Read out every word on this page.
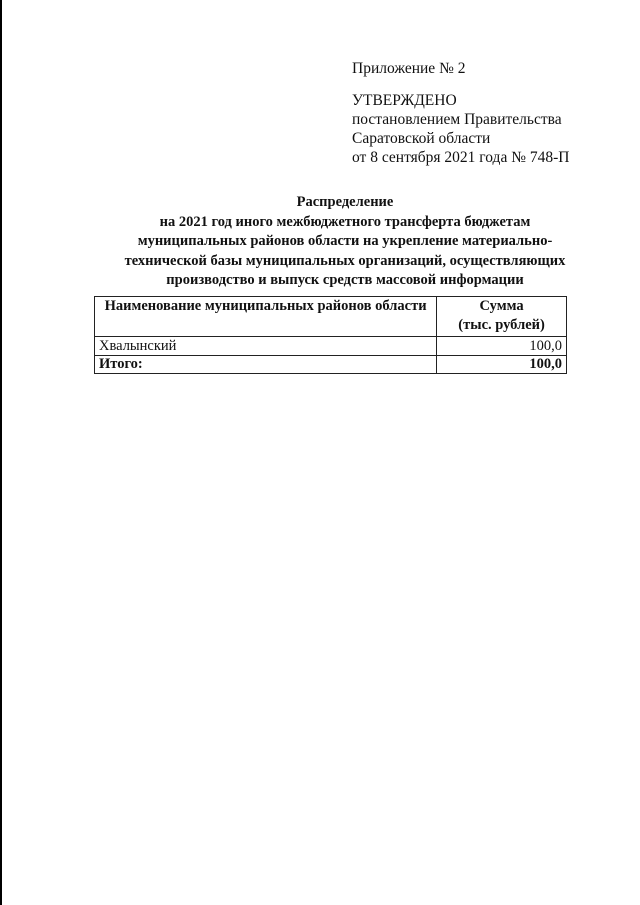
Приложение № 2
УТВЕРЖДЕНО
постановлением Правительства
Саратовской области
от 8 сентября 2021 года № 748-П
Распределение
на 2021 год иного межбюджетного трансферта бюджетам
муниципальных районов области на укрепление материально-
технической базы муниципальных организаций, осуществляющих
производство и выпуск средств массовой информации
Наименование муниципальных районов области	Сумма
(тыс. рублей)

Хвалынский	100,0
Итого:	100,0
